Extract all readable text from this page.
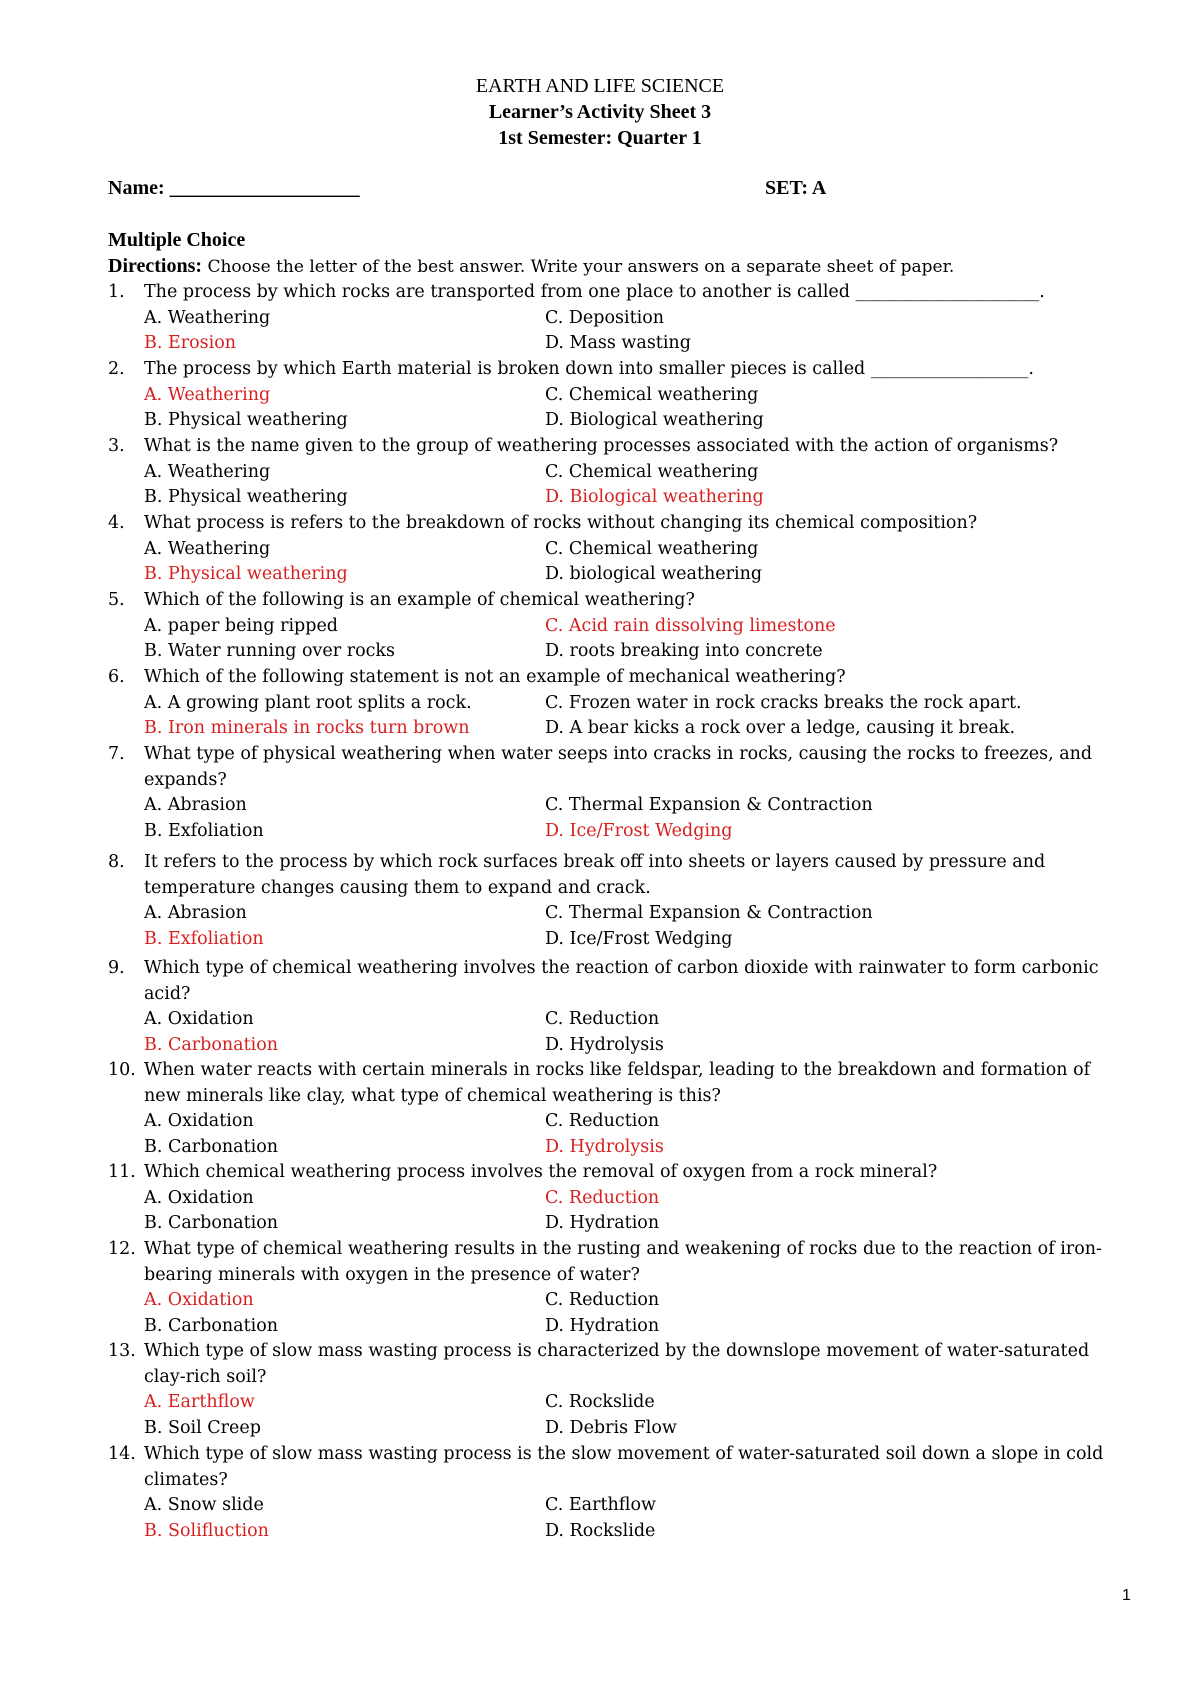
EARTH AND LIFE SCIENCE
Learner’s Activity Sheet 3
1st Semester: Quarter 1
Name: ___________________	SET: A
Multiple Choice
Directions: Choose the letter of the best answer. Write your answers on a separate sheet of paper.
1.	The process by which rocks are transported from one place to another is called _____________________.
A. Weathering
B. Erosion
C. Deposition
D. Mass wasting
2.	The process by which Earth material is broken down into smaller pieces is called __________________.
A. Weathering
B. Physical weathering
C. Chemical weathering
D. Biological weathering
3.	What is the name given to the group of weathering processes associated with the action of organisms?
A. Weathering
B. Physical weathering
C. Chemical weathering
D. Biological weathering
4.	What process is refers to the breakdown of rocks without changing its chemical composition?
A. Weathering
B. Physical weathering
C. Chemical weathering
D. biological weathering
5.	Which of the following is an example of chemical weathering?
A. paper being ripped
B. Water running over rocks
C. Acid rain dissolving limestone
D. roots breaking into concrete
6.	Which of the following statement is not an example of mechanical weathering?
A. A growing plant root splits a rock.
B. Iron minerals in rocks turn brown
C. Frozen water in rock cracks breaks the rock apart.
D. A bear kicks a rock over a ledge, causing it break.
7.	What type of physical weathering when water seeps into cracks in rocks, causing the rocks to freezes, and expands?
A. Abrasion
B. Exfoliation
C. Thermal Expansion & Contraction
D. Ice/Frost Wedging
8.	It refers to the process by which rock surfaces break off into sheets or layers caused by pressure and temperature changes causing them to expand and crack.
A. Abrasion
B. Exfoliation
C. Thermal Expansion & Contraction
D. Ice/Frost Wedging
9.	Which type of chemical weathering involves the reaction of carbon dioxide with rainwater to form carbonic acid?
A. Oxidation
B. Carbonation
C. Reduction
D. Hydrolysis
10. When water reacts with certain minerals in rocks like feldspar, leading to the breakdown and formation of new minerals like clay, what type of chemical weathering is this?
A. Oxidation
B. Carbonation
C. Reduction
D. Hydrolysis
11. Which chemical weathering process involves the removal of oxygen from a rock mineral?
A. Oxidation
B. Carbonation
C. Reduction
D. Hydration
12. What type of chemical weathering results in the rusting and weakening of rocks due to the reaction of iron-bearing minerals with oxygen in the presence of water?
A. Oxidation
B. Carbonation
C. Reduction
D. Hydration
13. Which type of slow mass wasting process is characterized by the downslope movement of water-saturated clay-rich soil?
A. Earthflow
B. Soil Creep
C. Rockslide
D. Debris Flow
14. Which type of slow mass wasting process is the slow movement of water-saturated soil down a slope in cold climates?
A. Snow slide
B. Solifluction
C. Earthflow
D. Rockslide
1
